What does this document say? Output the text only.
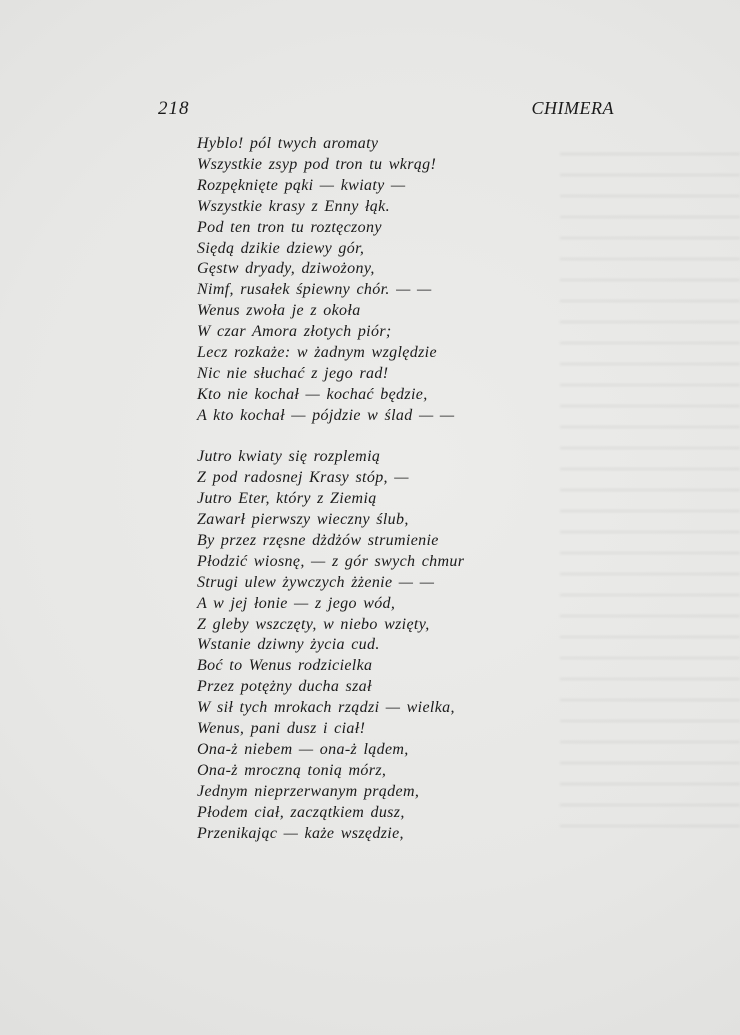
218	CHIMERA
Hyblo! pól twych aromaty
Wszystkie zsyp pod tron tu wkrąg!
Rozpęknięte pąki — kwiaty —
Wszystkie krasy z Enny łąk.
Pod ten tron tu roztęczony
Siędą dzikie dziewy gór,
Gęstw dryady, dziwożony,
Nimf, rusałek śpiewny chór. — —
Wenus zwoła je z okoła
W czar Amora złotych piór;
Lecz rozkaże: w żadnym względzie
Nic nie słuchać z jego rad!
Kto nie kochał — kochać będzie,
A kto kochał — pójdzie w ślad — —
Jutro kwiaty się rozplemią
Z pod radosnej Krasy stóp, —
Jutro Eter, który z Ziemią
Zawarł pierwszy wieczny ślub,
By przez rzęsne dżdżów strumienie
Płodzić wiosnę, — z gór swych chmur
Strugi ulew żywczych żżenie — —
A w jej łonie — z jego wód,
Z gleby wszczęty, w niebo wzięty,
Wstanie dziwny życia cud.
Boć to Wenus rodzicielka
Przez potężny ducha szał
W sił tych mrokach rządzi — wielka,
Wenus, pani dusz i ciał!
Ona-ż niebem — ona-ż lądem,
Ona-ż mroczną tonią mórz,
Jednym nieprzerwanym prądem,
Płodem ciał, zaczątkiem dusz,
Przenikając — każe wszędzie,
